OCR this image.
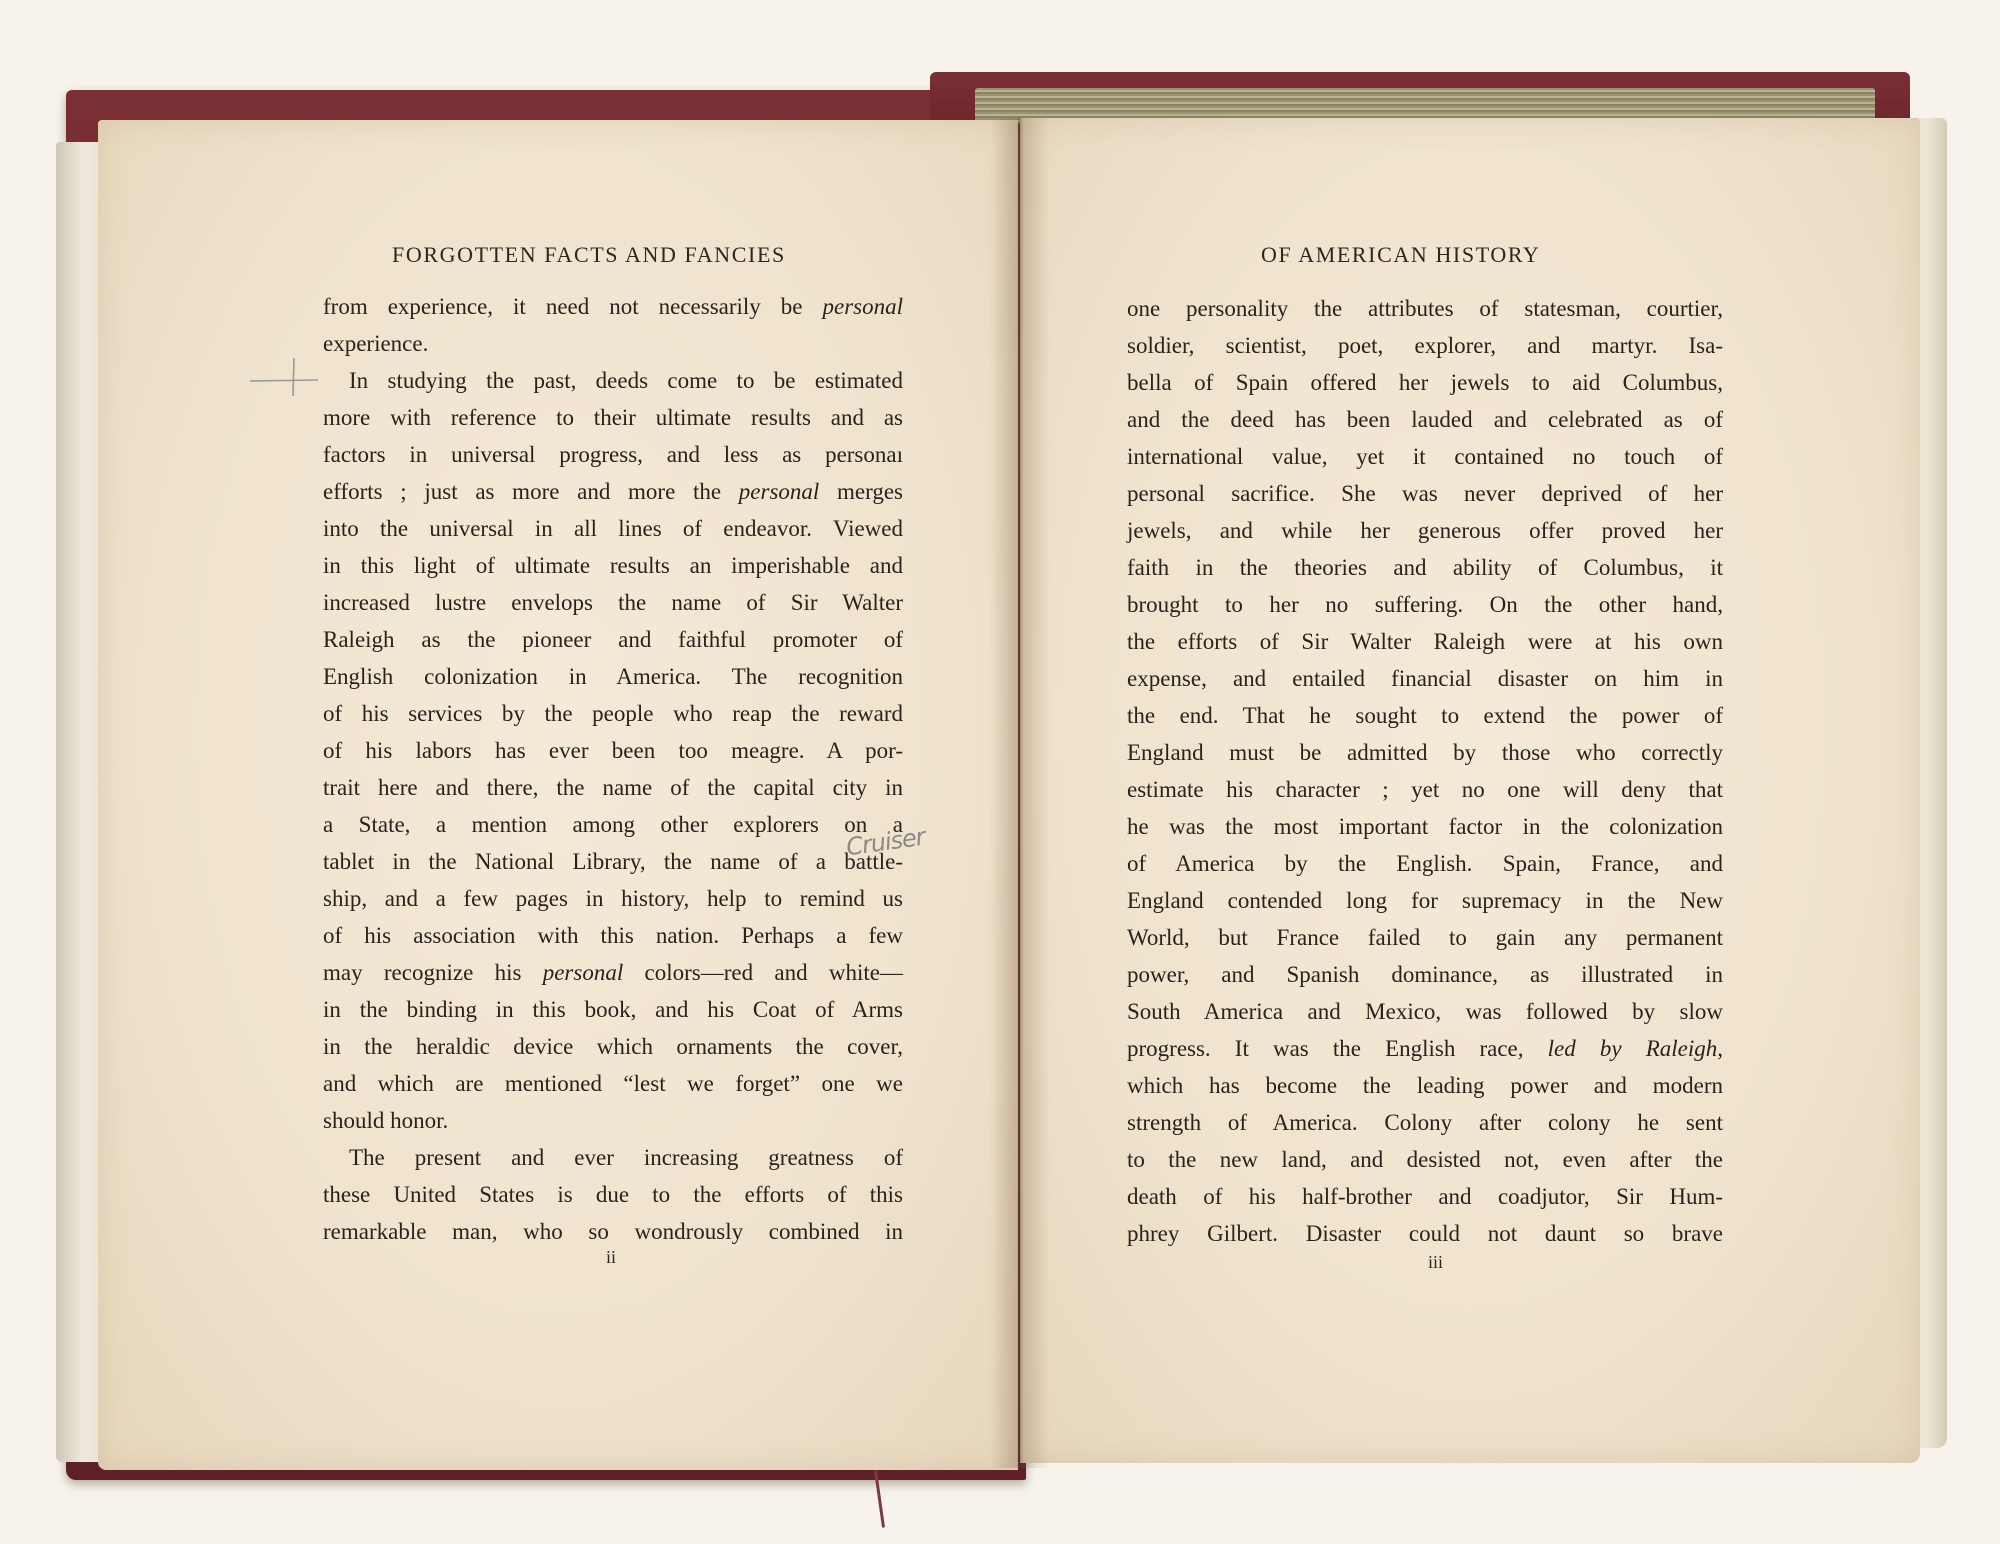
FORGOTTEN FACTS AND FANCIES
from experience, it need not necessarily be personal
experience.
In studying the past, deeds come to be estimated
more with reference to their ultimate results and as
factors in universal progress, and less as personaı
efforts ; just as more and more the personal merges
into the universal in all lines of endeavor. Viewed
in this light of ultimate results an imperishable and
increased lustre envelops the name of Sir Walter
Raleigh as the pioneer and faithful promoter of
English colonization in America. The recognition
of his services by the people who reap the reward
of his labors has ever been too meagre. A por-
trait here and there, the name of the capital city in
a State, a mention among other explorers on a
tablet in the National Library, the name of a battle-
ship, and a few pages in history, help to remind us
of his association with this nation. Perhaps a few
may recognize his personal colors—red and white—
in the binding in this book, and his Coat of Arms
in the heraldic device which ornaments the cover,
and which are mentioned “lest we forget” one we
should honor.
The present and ever increasing greatness of
these United States is due to the efforts of this
remarkable man, who so wondrously combined in
Cruiser
ii
OF AMERICAN HISTORY
one personality the attributes of statesman, courtier,
soldier, scientist, poet, explorer, and martyr. Isa-
bella of Spain offered her jewels to aid Columbus,
and the deed has been lauded and celebrated as of
international value, yet it contained no touch of
personal sacrifice. She was never deprived of her
jewels, and while her generous offer proved her
faith in the theories and ability of Columbus, it
brought to her no suffering. On the other hand,
the efforts of Sir Walter Raleigh were at his own
expense, and entailed financial disaster on him in
the end. That he sought to extend the power of
England must be admitted by those who correctly
estimate his character ; yet no one will deny that
he was the most important factor in the colonization
of America by the English. Spain, France, and
England contended long for supremacy in the New
World, but France failed to gain any permanent
power, and Spanish dominance, as illustrated in
South America and Mexico, was followed by slow
progress. It was the English race, led by Raleigh,
which has become the leading power and modern
strength of America. Colony after colony he sent
to the new land, and desisted not, even after the
death of his half-brother and coadjutor, Sir Hum-
phrey Gilbert. Disaster could not daunt so brave
iii
